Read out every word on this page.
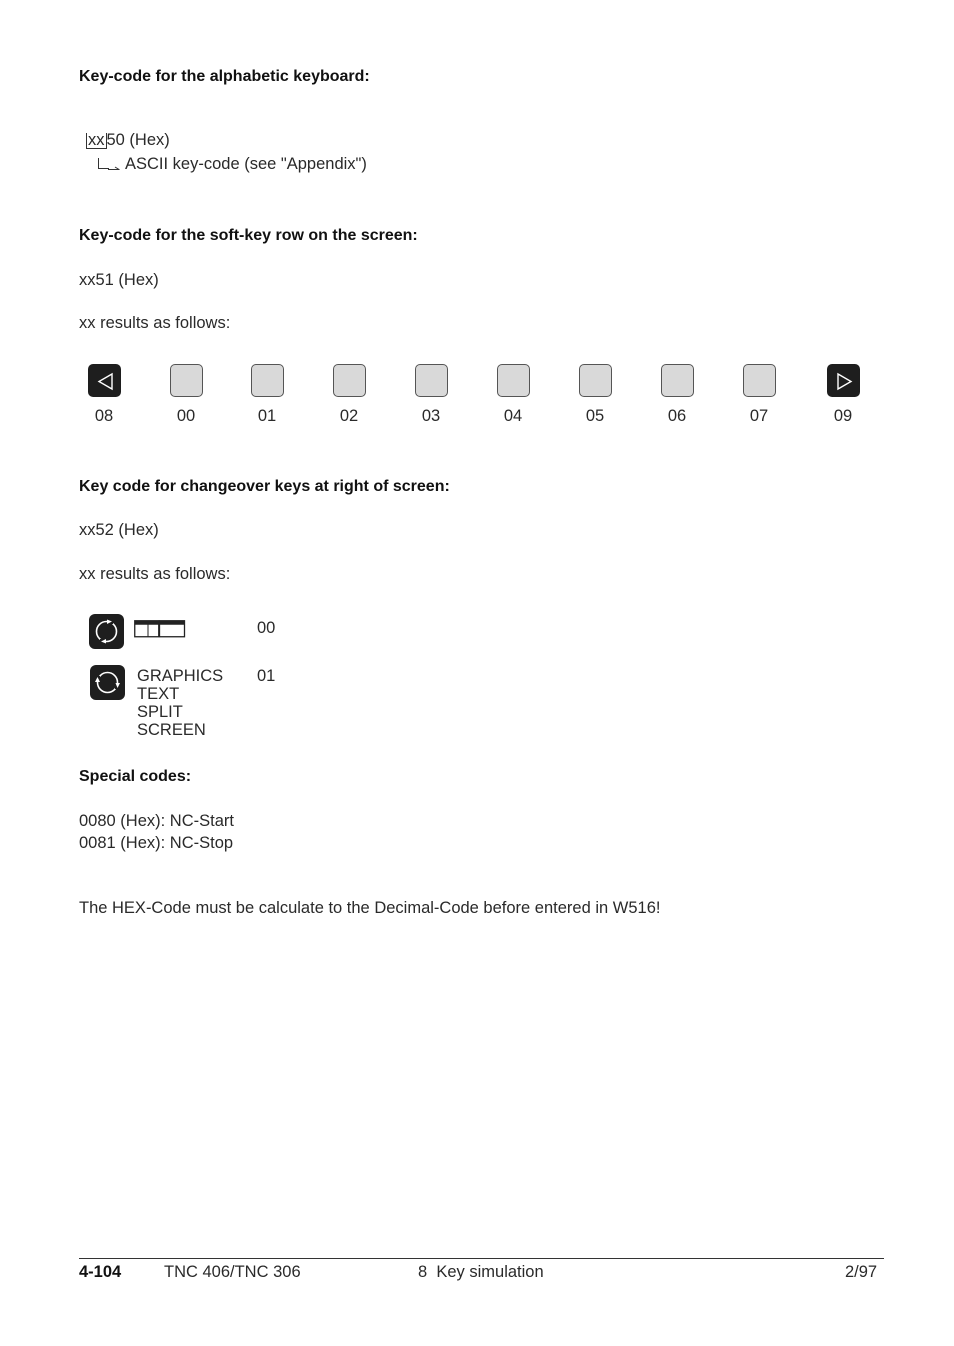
Key-code for the alphabetic keyboard:
xx 50 (Hex)
ASCII key-code (see "Appendix")
Key-code for the soft-key row on the screen:
xx51 (Hex)
xx results as follows:
08	00	01	02	03	04	05	06	07	09
Key code for changeover keys at right of screen:
xx52 (Hex)
xx results as follows:
00
GRAPHICS
TEXT
SPLIT
SCREEN
01
Special codes:
0080 (Hex): NC-Start
0081 (Hex): NC-Stop
The HEX-Code must be calculate to the Decimal-Code before entered in W516!
4-104	TNC 406/TNC 306	8  Key simulation	2/97
